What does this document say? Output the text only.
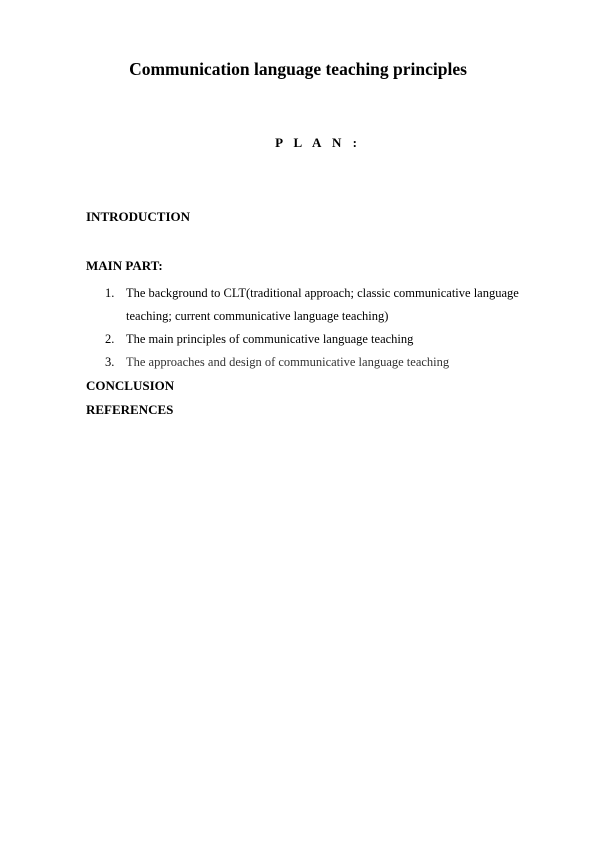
Communication language teaching principles
P L A N :
INTRODUCTION
MAIN PART:
1. The background to CLT(traditional approach; classic communicative language teaching; current communicative language teaching)
2. The main principles of communicative language teaching
3. The approaches and design of communicative language teaching
CONCLUSION
REFERENCES
